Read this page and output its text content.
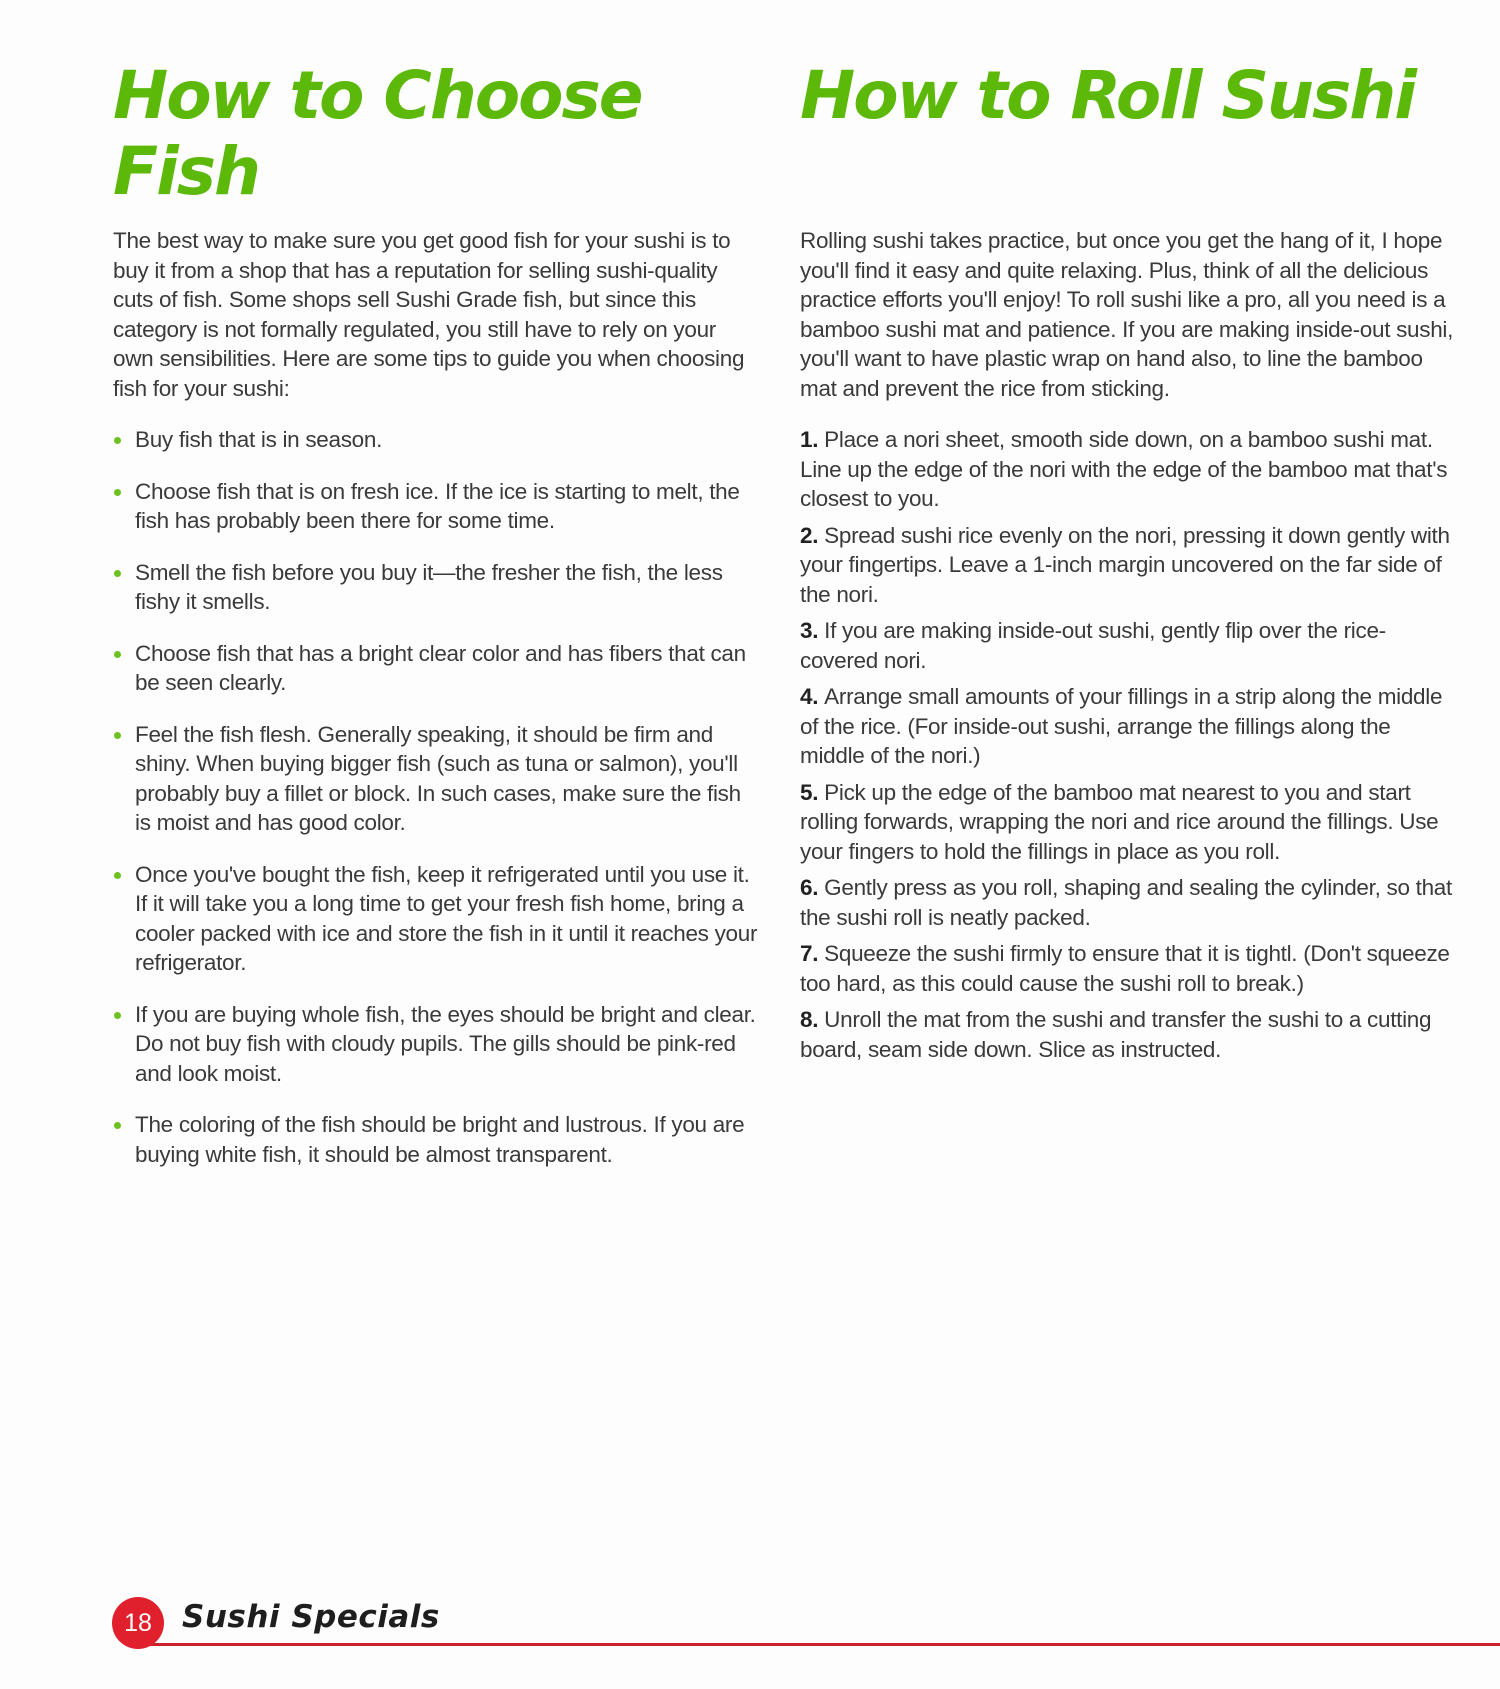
How to Choose Fish

The best way to make sure you get good fish for your sushi is to buy it from a shop that has a reputation for selling sushi-quality cuts of fish. Some shops sell Sushi Grade fish, but since this category is not formally regulated, you still have to rely on your own sensibilities. Here are some tips to guide you when choosing fish for your sushi:

Buy fish that is in season.
Choose fish that is on fresh ice. If the ice is starting to melt, the fish has probably been there for some time.
Smell the fish before you buy it—the fresher the fish, the less fishy it smells.
Choose fish that has a bright clear color and has fibers that can be seen clearly.
Feel the fish flesh. Generally speaking, it should be firm and shiny. When buying bigger fish (such as tuna or salmon), you'll probably buy a fillet or block. In such cases, make sure the fish is moist and has good color.
Once you've bought the fish, keep it refrigerated until you use it. If it will take you a long time to get your fresh fish home, bring a cooler packed with ice and store the fish in it until it reaches your refrigerator.
If you are buying whole fish, the eyes should be bright and clear. Do not buy fish with cloudy pupils. The gills should be pink-red and look moist.
The coloring of the fish should be bright and lustrous. If you are buying white fish, it should be almost transparent.
How to Roll Sushi

Rolling sushi takes practice, but once you get the hang of it, I hope you'll find it easy and quite relaxing. Plus, think of all the delicious practice efforts you'll enjoy! To roll sushi like a pro, all you need is a bamboo sushi mat and patience. If you are making inside-out sushi, you'll want to have plastic wrap on hand also, to line the bamboo mat and prevent the rice from sticking.

1. Place a nori sheet, smooth side down, on a bamboo sushi mat. Line up the edge of the nori with the edge of the bamboo mat that's closest to you.
2. Spread sushi rice evenly on the nori, pressing it down gently with your fingertips. Leave a 1-inch margin uncovered on the far side of the nori.
3. If you are making inside-out sushi, gently flip over the rice-covered nori.
4. Arrange small amounts of your fillings in a strip along the middle of the rice. (For inside-out sushi, arrange the fillings along the middle of the nori.)
5. Pick up the edge of the bamboo mat nearest to you and start rolling forwards, wrapping the nori and rice around the fillings. Use your fingers to hold the fillings in place as you roll.
6. Gently press as you roll, shaping and sealing the cylinder, so that the sushi roll is neatly packed.
7. Squeeze the sushi firmly to ensure that it is tightl. (Don't squeeze too hard, as this could cause the sushi roll to break.)
8. Unroll the mat from the sushi and transfer the sushi to a cutting board, seam side down. Slice as instructed.
18 Sushi Specials
